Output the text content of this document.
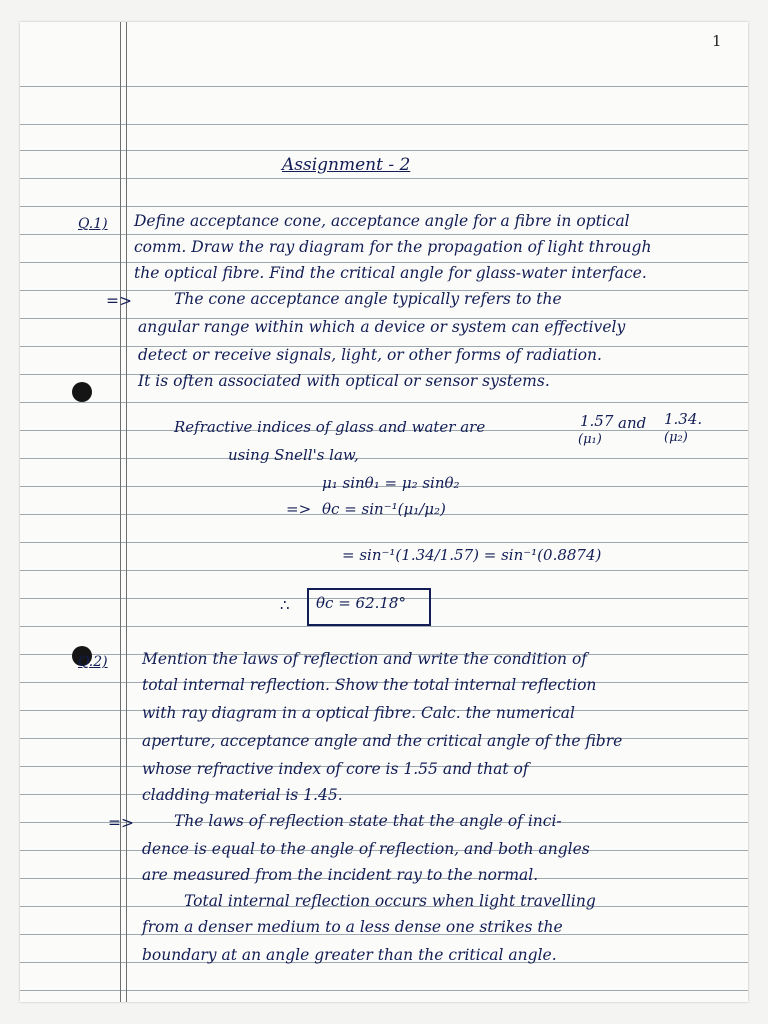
1
Assignment - 2
Q.1) Define acceptance cone, acceptance angle for a fibre in optical
comm. Draw the ray diagram for the propagation of light through
the optical fibre. Find the critical angle for glass-water interface.
=>	The cone acceptance angle typically refers to the
angular range within which a device or system can effectively
detect or receive signals, light, or other forms of radiation.
It is often associated with optical or sensor systems.
Refractive indices of glass and water are	1.57 and 1.34.
(μ₁)	(μ₂)
using Snell's law,
μ₁ sinθ₁ = μ₂ sinθ₂
=> θc = sin⁻¹(μ₁/μ₂)
= sin⁻¹(1.34/1.57) = sin⁻¹(0.8874)
∴ θc = 62.18°
Q.2) Mention the laws of reflection and write the condition of
total internal reflection. Show the total internal reflection
with ray diagram in a optical fibre. Calc. the numerical
aperture, acceptance angle and the critical angle of the fibre
whose refractive index of core is 1.55 and that of
cladding material is 1.45.
=>	The laws of reflection state that the angle of inci-
dence is equal to the angle of reflection, and both angles
are measured from the incident ray to the normal.
Total internal reflection occurs when light travelling
from a denser medium to a less dense one strikes the
boundary at an angle greater than the critical angle.
